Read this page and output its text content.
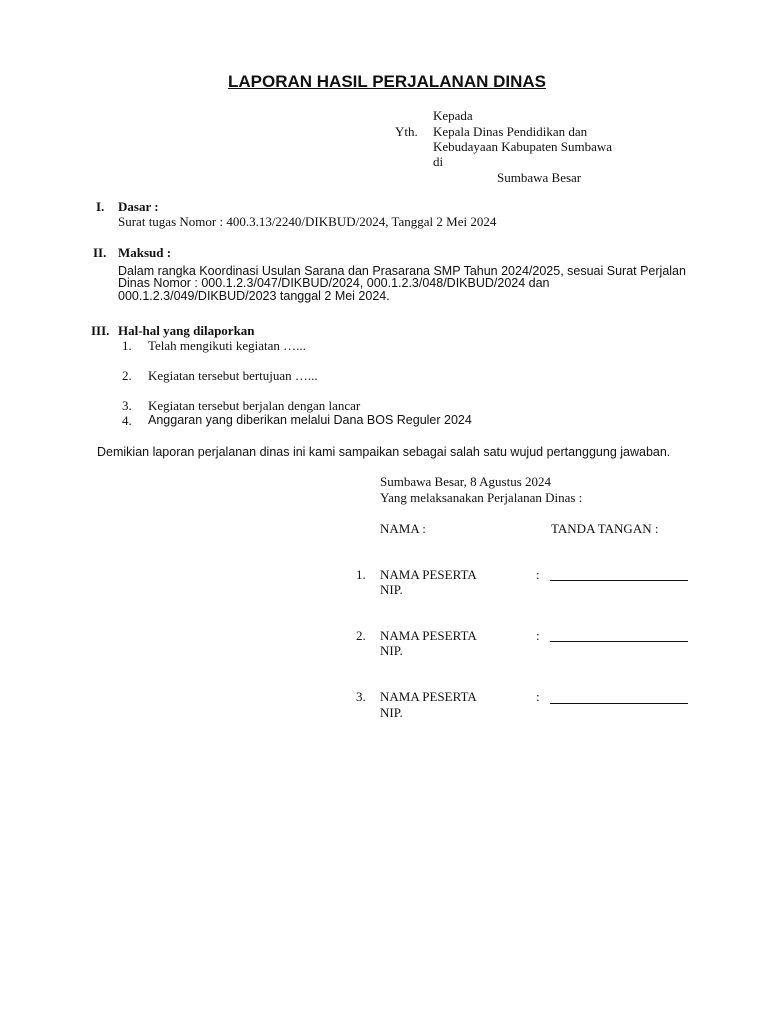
LAPORAN HASIL PERJALANAN DINAS
Kepada
Yth. Kepala Dinas Pendidikan dan
Kebudayaan Kabupaten Sumbawa
di
Sumbawa Besar
I. Dasar :
Surat tugas Nomor : 400.3.13/2240/DIKBUD/2024, Tanggal 2 Mei 2024
II. Maksud :
Dalam rangka Koordinasi Usulan Sarana dan Prasarana SMP Tahun 2024/2025, sesuai Surat Perjalan
Dinas Nomor : 000.1.2.3/047/DIKBUD/2024, 000.1.2.3/048/DIKBUD/2024 dan
000.1.2.3/049/DIKBUD/2023 tanggal 2 Mei 2024.
III. Hal-hal yang dilaporkan
1. Telah mengikuti kegiatan …...
2. Kegiatan tersebut bertujuan …...
3. Kegiatan tersebut berjalan dengan lancar
4. Anggaran yang diberikan melalui Dana BOS Reguler 2024
Demikian laporan perjalanan dinas ini kami sampaikan sebagai salah satu wujud pertanggung jawaban.
Sumbawa Besar, 8 Agustus 2024
Yang melaksanakan Perjalanan Dinas :
NAMA :	TANDA TANGAN :
1. NAMA PESERTA	:
NIP.
2. NAMA PESERTA	:
NIP.
3. NAMA PESERTA	:
NIP.
